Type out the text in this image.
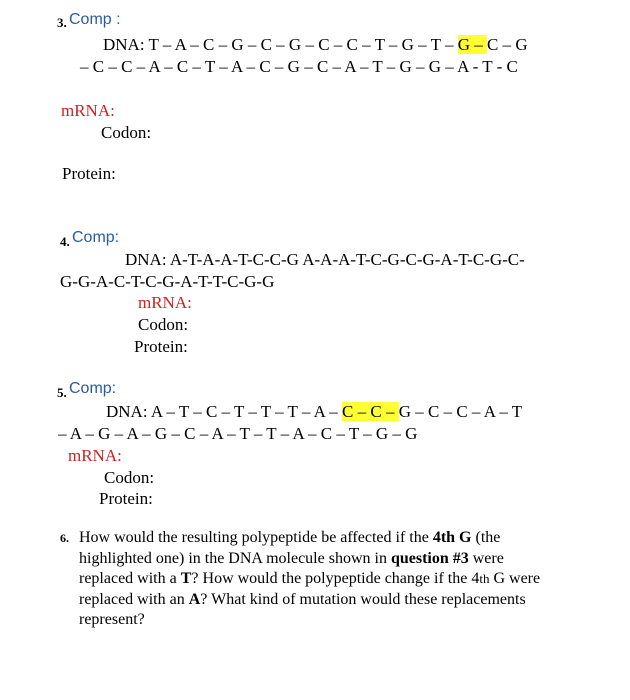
3. Comp :
DNA: T – A – C – G – C – G – C – C – T – G – T – G – C – G
– C – C – A – C – T – A – C – G – C – A – T – G – G – A - T - C
mRNA:
Codon:
Protein:
4. Comp:
DNA: A-T-A-A-T-C-C-G A-A-A-T-C-G-C-G-A-T-C-G-C-
G-G-A-C-T-C-G-A-T-T-C-G-G
mRNA:
Codon:
Protein:
5. Comp:
DNA: A – T – C – T – T – T – A – C – C – G – C – C – A – T
– A – G – A – G – C – A – T – T – A – C – T – G – G
mRNA:
Codon:
Protein:
6. How would the resulting polypeptide be affected if the 4th G (the highlighted one) in the DNA molecule shown in question #3 were replaced with a T? How would the polypeptide change if the 4th G were replaced with an A? What kind of mutation would these replacements represent?
